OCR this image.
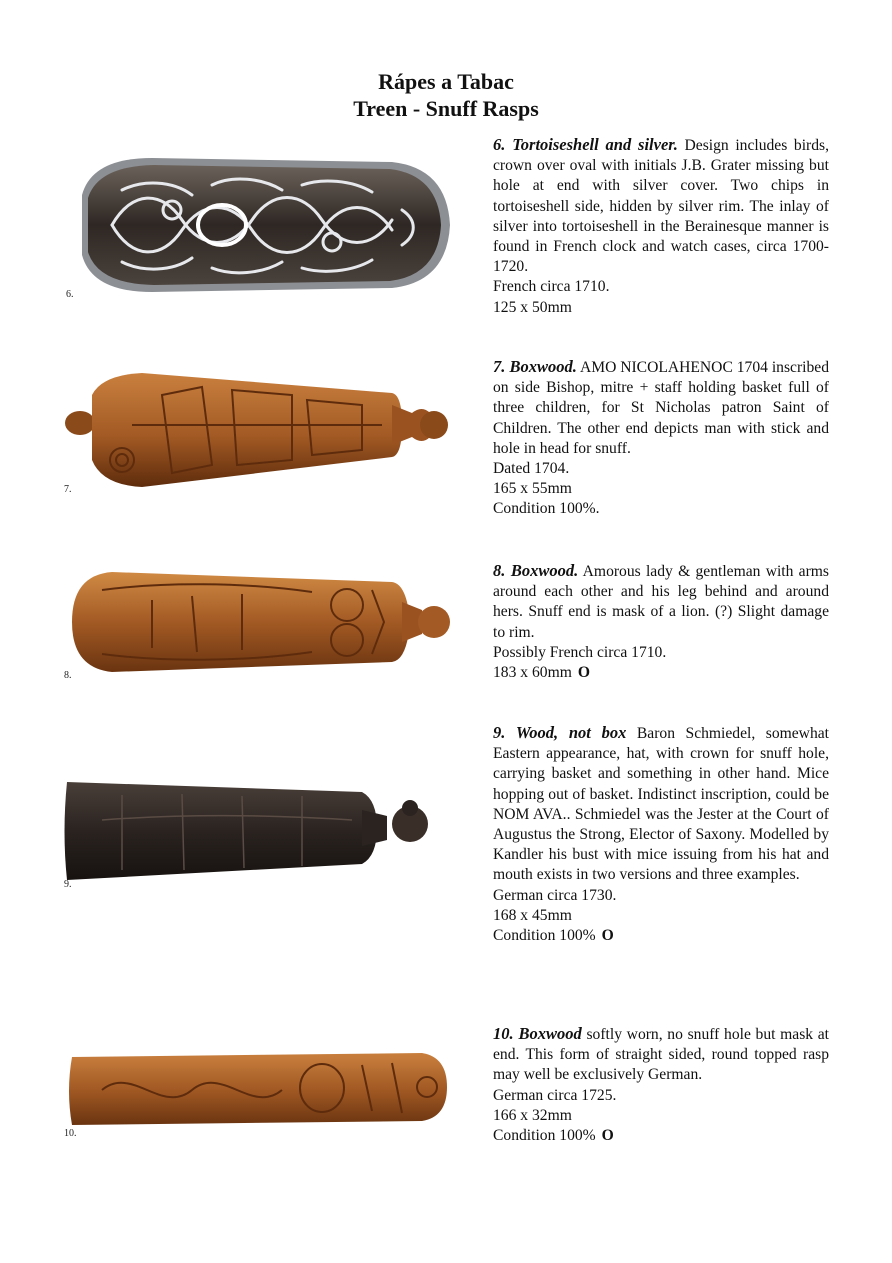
Rápes a Tabac
Treen - Snuff Rasps
6.

6. Tortoiseshell and silver. Design includes birds, crown over oval with initials J.B. Grater missing but hole at end with silver cover. Two chips in tortoiseshell side, hidden by silver rim. The inlay of silver into tortoiseshell in the Berainesque manner is found in French clock and watch cases, circa 1700-1720.

French circa 1710.

125 x 50mm

7.

7. Boxwood. AMO NICOLAHENOC 1704 inscribed on side Bishop, mitre + staff holding basket full of three children, for St Nicholas patron Saint of Children. The other end depicts man with stick and hole in head for snuff.

Dated 1704.

165 x 55mm

Condition 100%.

8.

8. Boxwood. Amorous lady & gentleman with arms around each other and his leg behind and around hers. Snuff end is mask of a lion. (?) Slight damage to rim.

Possibly French circa 1710.

183 x 60mm O

9.

9. Wood, not box Baron Schmiedel, somewhat Eastern appearance, hat, with crown for snuff hole, carrying basket and something in other hand. Mice hopping out of basket. Indistinct inscription, could be NOM AVA.. Schmiedel was the Jester at the Court of Augustus the Strong, Elector of Saxony. Modelled by Kandler his bust with mice issuing from his hat and mouth exists in two versions and three examples.

German circa 1730.

168 x 45mm

Condition 100% O

10.

10. Boxwood softly worn, no snuff hole but mask at end. This form of straight sided, round topped rasp may well be exclusively German.

German circa 1725.

166 x 32mm

Condition 100% O
